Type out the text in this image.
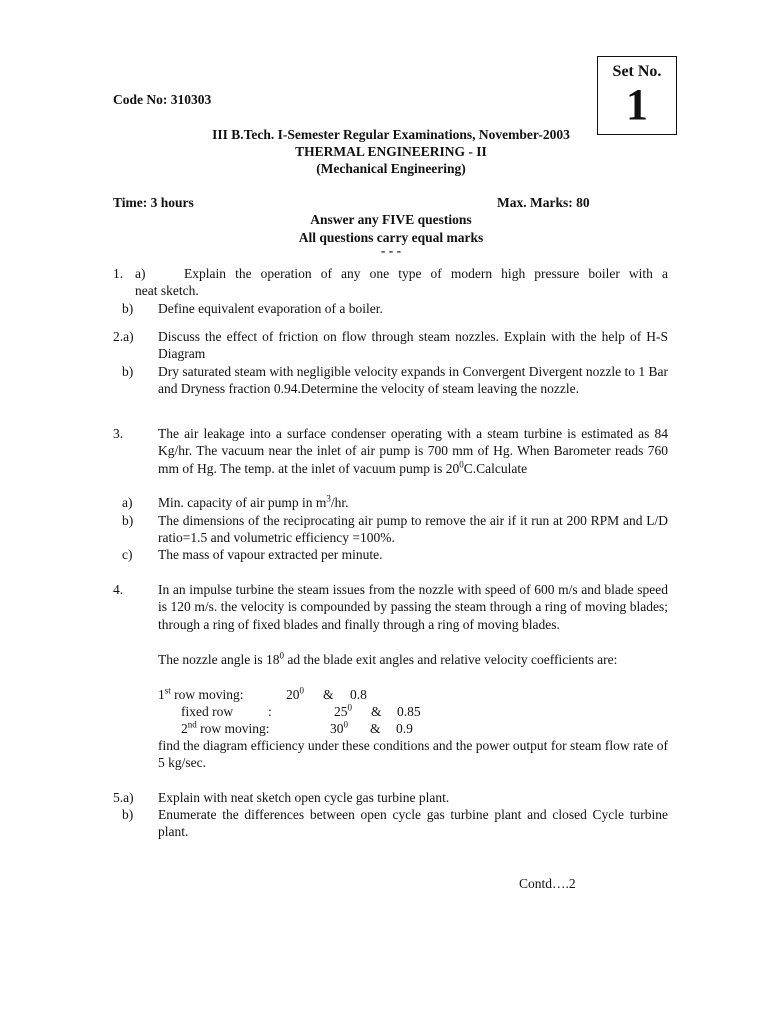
Set No.
1
Code No: 310303
III B.Tech. I-Semester Regular Examinations, November-2003
THERMAL ENGINEERING - II
(Mechanical Engineering)
Time: 3 hours	Max. Marks: 80
Answer any FIVE questions
All questions carry equal marks
- - -
1. a)	Explain the operation of any one type of modern high pressure boiler with a
neat sketch.
b) Define equivalent evaporation of a boiler.
2.a) Discuss the effect of friction on flow through steam nozzles. Explain with the help of H-S Diagram
b) Dry saturated steam with negligible velocity expands in Convergent Divergent nozzle to 1 Bar and Dryness fraction 0.94.Determine the velocity of steam leaving the nozzle.
3.	The air leakage into a surface condenser operating with a steam turbine is estimated as 84 Kg/hr. The vacuum near the inlet of air pump is 700 mm of Hg. When Barometer reads 760 mm of Hg. The temp. at the inlet of vacuum pump is $20^0C.Calculate$
a) Min. capacity of air pump in $m^3/hr$.
b) The dimensions of the reciprocating air pump to remove the air if it run at 200 RPM and L/D ratio=1.5 and volumetric efficiency =100%.
c) The mass of vapour extracted per minute.
4.	In an impulse turbine the steam issues from the nozzle with speed of 600 m/s and blade speed is 120 m/s. the velocity is compounded by passing the steam through a ring of moving blades; through a ring of fixed blades and finally through a ring of moving blades.
The nozzle angle is $18^0$ ad the blade exit angles and relative velocity coefficients are:
1st row moving:	$20^0$ & 0.8
fixed row	:	$25^0$ & 0.85
2nd row moving:	$30^0$ & 0.9
find the diagram efficiency under these conditions and the power output for steam flow rate of 5 kg/sec.
5.a) Explain with neat sketch open cycle gas turbine plant.
b) Enumerate the differences between open cycle gas turbine plant and closed Cycle turbine plant.
Contd….2
